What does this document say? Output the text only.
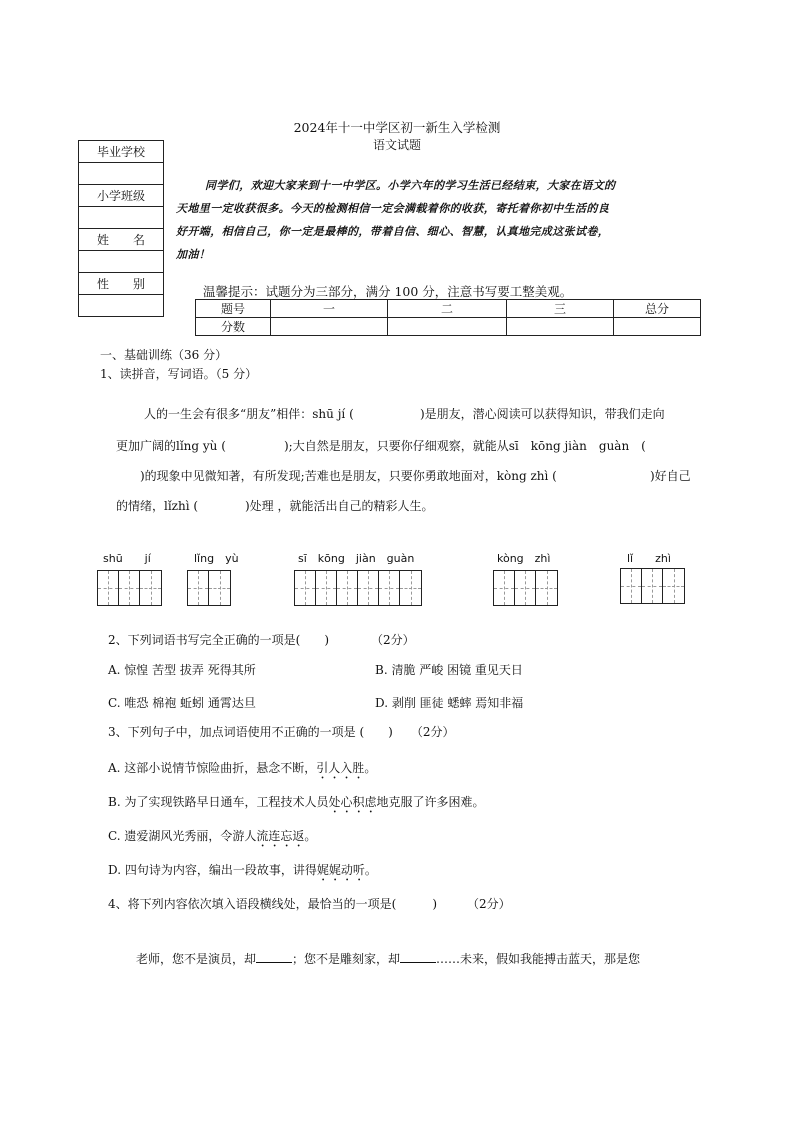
2024年十一中学区初一新生入学检测
语文试题
毕业学校

小学班级

姓　　名

性　　别

同学们，欢迎大家来到十一中学区。小学六年的学习生活已经结束，大家在语文的
天地里一定收获很多。今天的检测相信一定会满载着你的收获，寄托着你初中生活的良
好开端，相信自己，你一定是最棒的，带着自信、细心、智慧，认真地完成这张试卷，
加油！
温馨提示：试题分为三部分，满分 100 分，注意书写要工整美观。
题号	一	二	三	总分
分数				
一、基础训练（36 分）
1、读拼音，写词语。（5 分）
人的一生会有很多“朋友”相伴：shū jí (	)是朋友，潜心阅读可以获得知识，带我们走向
更加广阔的lǐng yù (	);大自然是朋友，只要你仔细观察，就能从sī　kōng jiàn　guàn　(
)的现象中见微知著，有所发现;苦难也是朋友，只要你勇敢地面对，kòng zhì (	)好自己
的情绪，lǐzhì (	)处理 ，就能活出自己的精彩人生。
shū　　jí	lǐng　yù	sī　kōng　jiàn　guàn	kòng　zhì	lǐ　　zhì
2、下列词语书写完全正确的一项是(　　)　　　　（2分）
A. 惊惶 苦型 拔弄 死得其所	B. 清脆 严峻 困镜 重见天日
C. 唯恐 棉袍 蚯蚓 通霄达旦	D. 剥削 匪徒 蟋蟀 焉知非福
3、下列句子中，加点词语使用不正确的一项是 (　　)　　（2分）
A. 这部小说情节惊险曲折，悬念不断，引人入胜。
B. 为了实现铁路早日通车，工程技术人员处心积虑地克服了许多困难。
C. 遗爱湖风光秀丽，令游人流连忘返。
D. 四句诗为内容，编出一段故事，讲得娓娓动听。
4、将下列内容依次填入语段横线处，最恰当的一项是(　　　)　　　（2分）
老师，您不是演员，却	；您不是雕刻家，却	……未来，假如我能搏击蓝天，那是您
